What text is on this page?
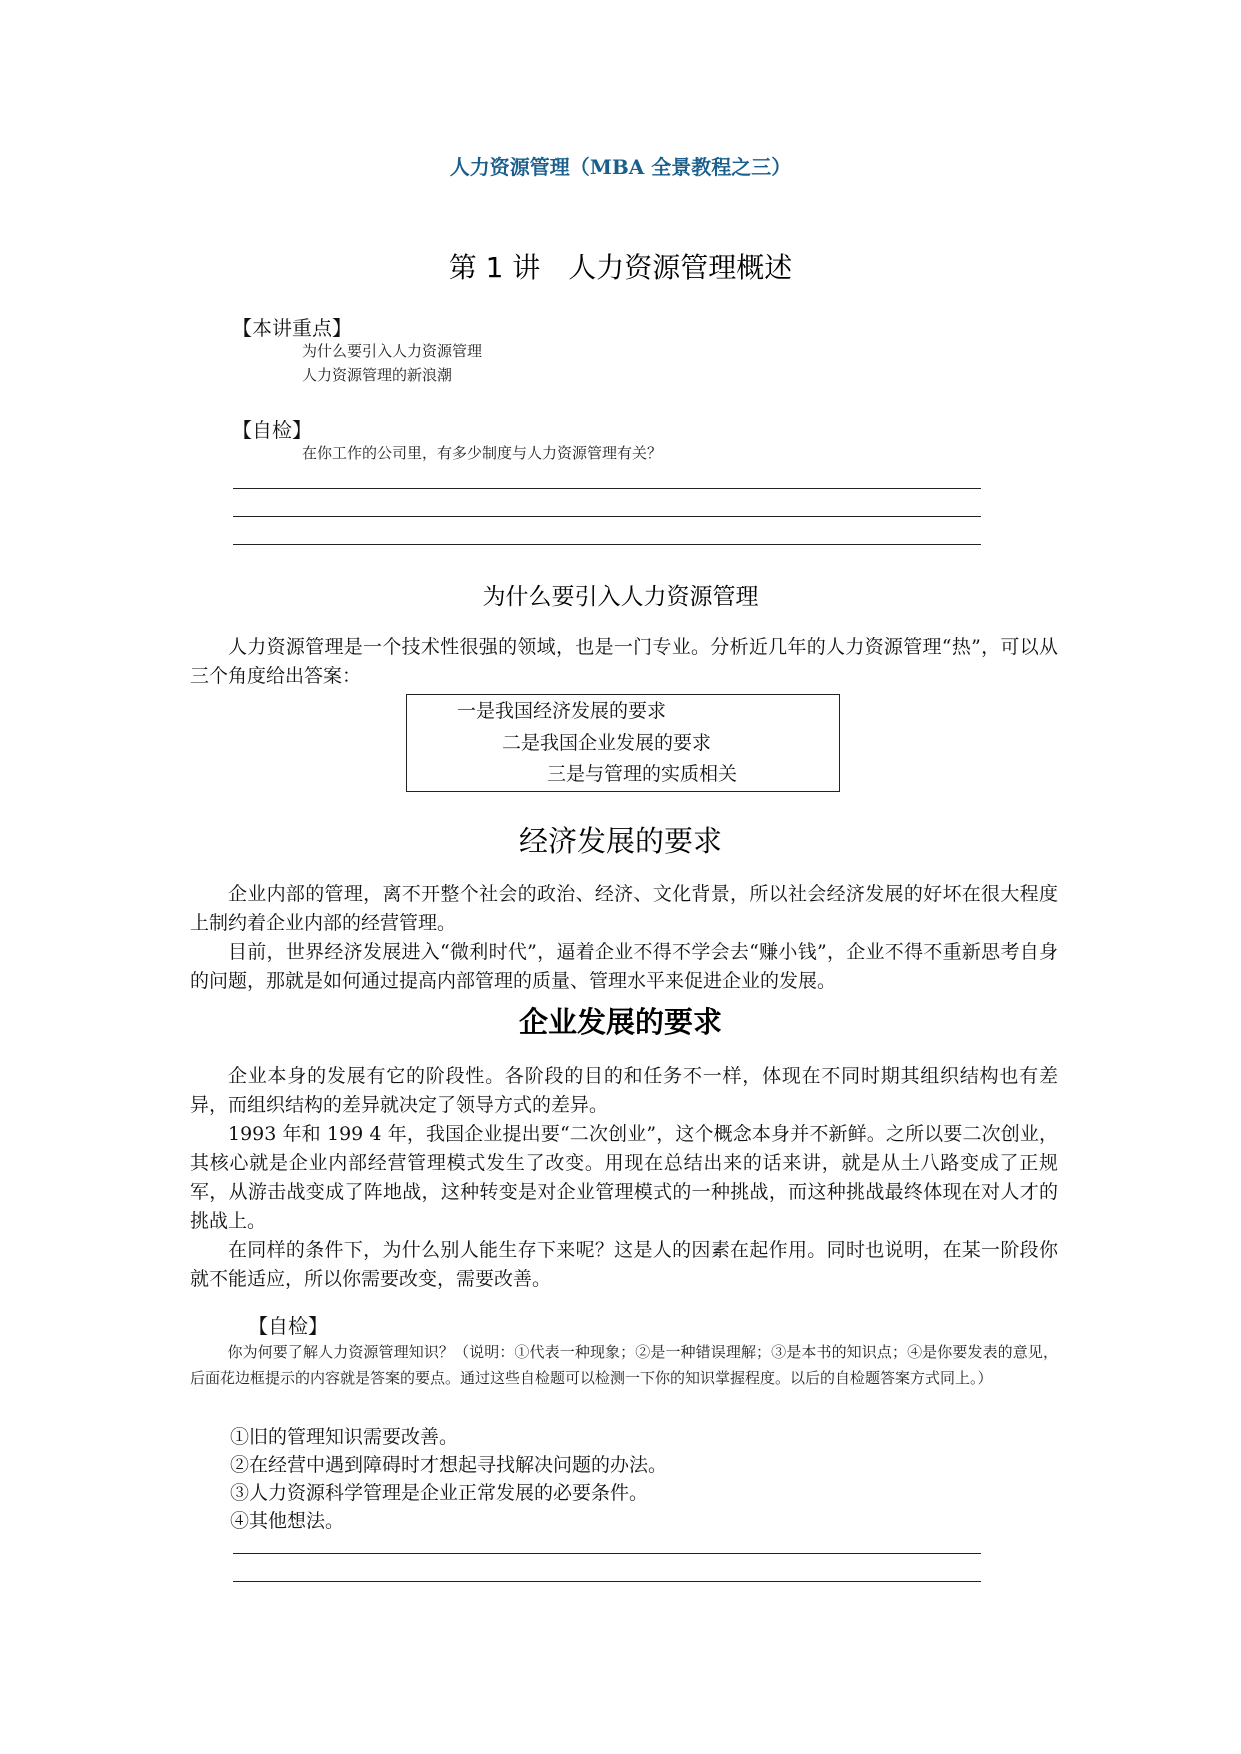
人力资源管理（MBA 全景教程之三）
第 1 讲　人力资源管理概述
【本讲重点】
为什么要引入人力资源管理
人力资源管理的新浪潮
【自检】
在你工作的公司里，有多少制度与人力资源管理有关？
为什么要引入人力资源管理

人力资源管理是一个技术性很强的领域，也是一门专业。分析近几年的人力资源管理“热”，可以从三个角度给出答案：

一是我国经济发展的要求
二是我国企业发展的要求
三是与管理的实质相关
经济发展的要求

企业内部的管理，离不开整个社会的政治、经济、文化背景，所以社会经济发展的好坏在很大程度上制约着企业内部的经营管理。

目前，世界经济发展进入“微利时代”，逼着企业不得不学会去“赚小钱”，企业不得不重新思考自身的问题，那就是如何通过提高内部管理的质量、管理水平来促进企业的发展。

企业发展的要求

企业本身的发展有它的阶段性。各阶段的目的和任务不一样，体现在不同时期其组织结构也有差异，而组织结构的差异就决定了领导方式的差异。

1993 年和 199 4 年，我国企业提出要“二次创业”，这个概念本身并不新鲜。之所以要二次创业，其核心就是企业内部经营管理模式发生了改变。用现在总结出来的话来讲，就是从土八路变成了正规军，从游击战变成了阵地战，这种转变是对企业管理模式的一种挑战，而这种挑战最终体现在对人才的挑战上。

在同样的条件下，为什么别人能生存下来呢？这是人的因素在起作用。同时也说明，在某一阶段你就不能适应，所以你需要改变，需要改善。

【自检】

你为何要了解人力资源管理知识？（说明：①代表一种现象；②是一种错误理解；③是本书的知识点；④是你要发表的意见，后面花边框提示的内容就是答案的要点。通过这些自检题可以检测一下你的知识掌握程度。以后的自检题答案方式同上。）

①旧的管理知识需要改善。
②在经营中遇到障碍时才想起寻找解决问题的办法。
③人力资源科学管理是企业正常发展的必要条件。
④其他想法。
